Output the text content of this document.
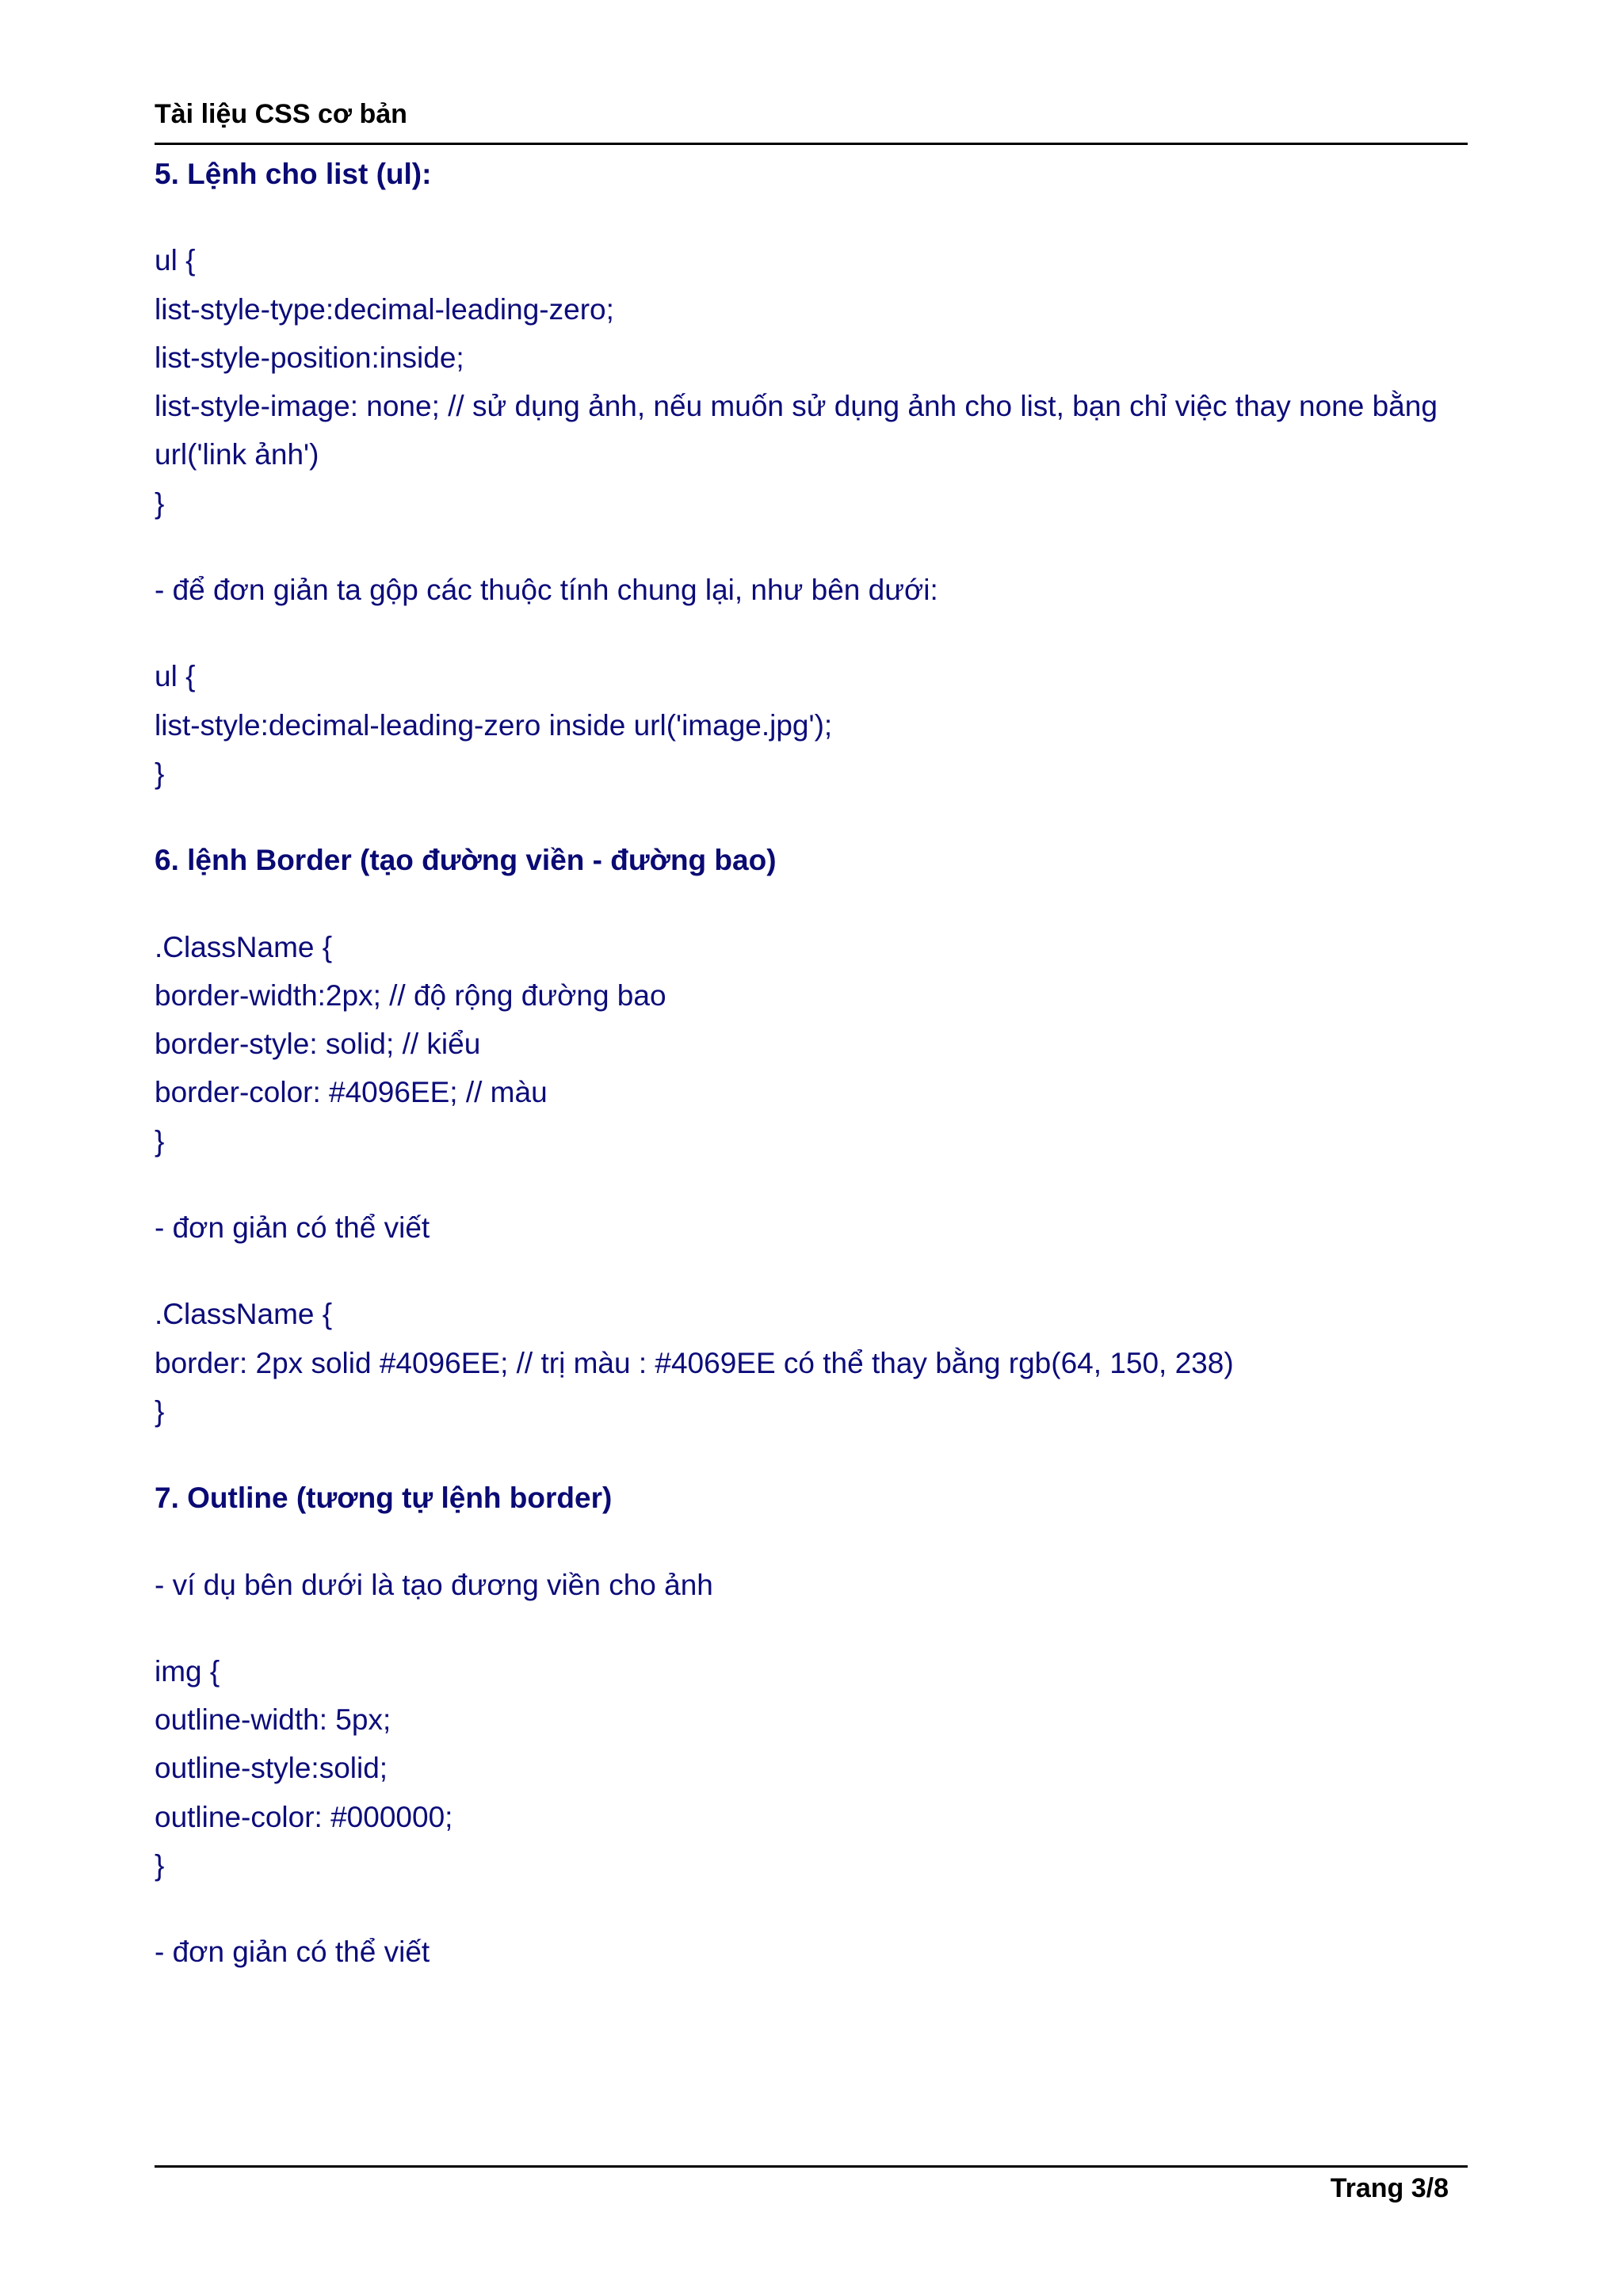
Tài liệu CSS cơ bản
5. Lệnh cho list (ul):
ul {
list-style-type:decimal-leading-zero;
list-style-position:inside;
list-style-image: none; // sử dụng ảnh, nếu muốn sử dụng ảnh cho list, bạn chỉ việc thay none bằng
url('link ảnh')
}
- để đơn giản ta gộp các thuộc tính chung lại, như bên dưới:
ul {
list-style:decimal-leading-zero inside url('image.jpg');
}
6. lệnh Border (tạo đường viền - đường bao)
.ClassName {
border-width:2px; // độ rộng đường bao
border-style: solid; // kiểu
border-color: #4096EE; // màu
}
- đơn giản có thể viết
.ClassName {
border: 2px solid #4096EE; // trị màu : #4069EE có thể thay bằng rgb(64, 150, 238)
}
7. Outline (tương tự lệnh border)
- ví dụ bên dưới là tạo đương viền cho ảnh
img {
outline-width: 5px;
outline-style:solid;
outline-color: #000000;
}
- đơn giản có thể viết
Trang 3/8
